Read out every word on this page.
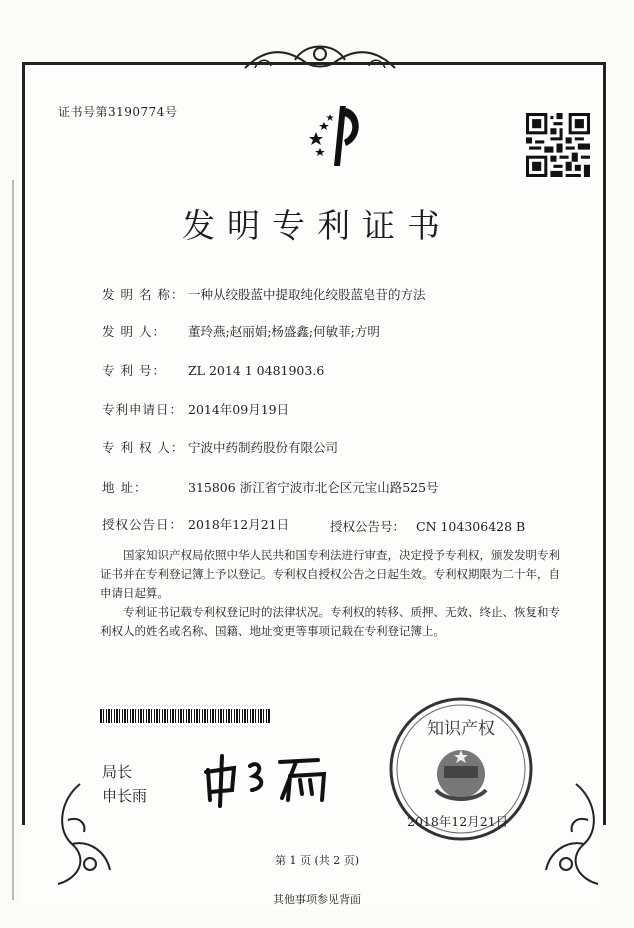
证书号第3190774号
发明专利证书
发 明 名 称： 一种从绞股蓝中提取纯化绞股蓝皂苷的方法
发 明 人： 董玲燕;赵丽娟;杨盛鑫;何敏菲;方明
专 利 号： ZL 2014 1 0481903.6
专利申请日： 2014年09月19日
专 利 权 人： 宁波中药制药股份有限公司
地 址：	315806 浙江省宁波市北仑区元宝山路525号
授权公告日： 2018年12月21日	授权公告号： CN 104306428 B
国家知识产权局依照中华人民共和国专利法进行审查，决定授予专利权，颁发发明专利证书并在专利登记簿上予以登记。专利权自授权公告之日起生效。专利权期限为二十年，自申请日起算。
专利证书记载专利权登记时的法律状况。专利权的转移、质押、无效、终止、恢复和专利权人的姓名或名称、国籍、地址变更等事项记载在专利登记簿上。
局长
申长雨
知识产权
2018年12月21日
第 1 页 (共 2 页)
其他事项参见背面
